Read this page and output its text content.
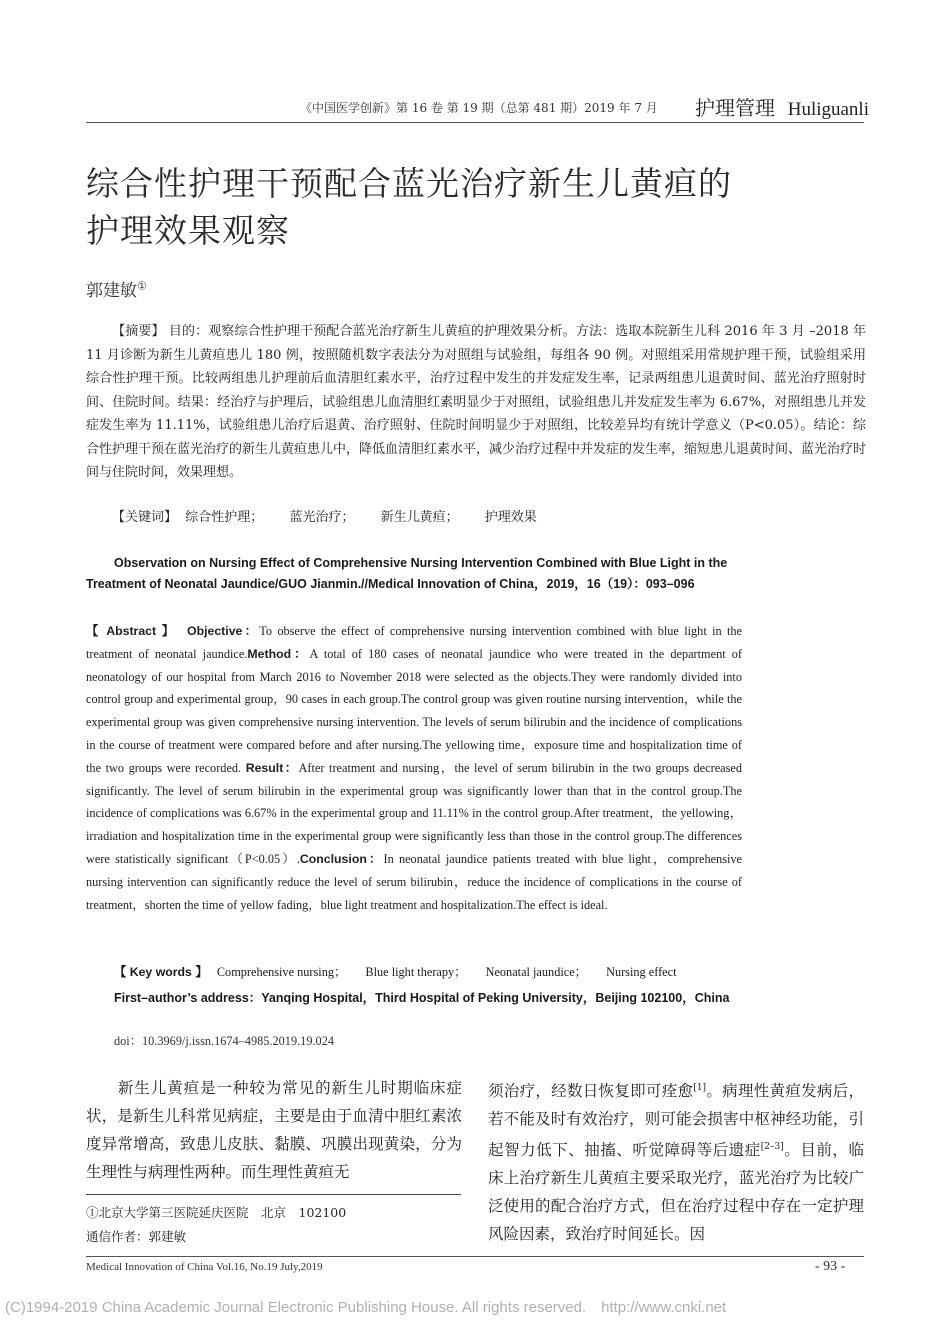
《中国医学创新》第 16 卷 第 19 期（总第 481 期）2019 年 7 月 护理管理 Huliguanli
综合性护理干预配合蓝光治疗新生儿黄疸的
护理效果观察
郭建敏①
【摘要】 目的：观察综合性护理干预配合蓝光治疗新生儿黄疸的护理效果分析。方法：选取本院新生儿科 2016 年 3 月 –2018 年 11 月诊断为新生儿黄疸患儿 180 例，按照随机数字表法分为对照组与试验组，每组各 90 例。对照组采用常规护理干预，试验组采用综合性护理干预。比较两组患儿护理前后血清胆红素水平，治疗过程中发生的并发症发生率，记录两组患儿退黄时间、蓝光治疗照射时间、住院时间。结果：经治疗与护理后，试验组患儿血清胆红素明显少于对照组，试验组患儿并发症发生率为 6.67%，对照组患儿并发症发生率为 11.11%，试验组患儿治疗后退黄、治疗照射、住院时间明显少于对照组，比较差异均有统计学意义（P<0.05）。结论：综合性护理干预在蓝光治疗的新生儿黄疸患儿中，降低血清胆红素水平，减少治疗过程中并发症的发生率，缩短患儿退黄时间、蓝光治疗时间与住院时间，效果理想。
【关键词】 综合性护理； 蓝光治疗； 新生儿黄疸； 护理效果
Observation on Nursing Effect of Comprehensive Nursing Intervention Combined with Blue Light in the Treatment of Neonatal Jaundice/GUO Jianmin.//Medical Innovation of China，2019，16（19）：093–096
【 Abstract 】 Objective：To observe the effect of comprehensive nursing intervention combined with blue light in the treatment of neonatal jaundice.Method：A total of 180 cases of neonatal jaundice who were treated in the department of neonatology of our hospital from March 2016 to November 2018 were selected as the objects.They were randomly divided into control group and experimental group，90 cases in each group.The control group was given routine nursing intervention，while the experimental group was given comprehensive nursing intervention. The levels of serum bilirubin and the incidence of complications in the course of treatment were compared before and after nursing.The yellowing time，exposure time and hospitalization time of the two groups were recorded. Result：After treatment and nursing，the level of serum bilirubin in the two groups decreased significantly. The level of serum bilirubin in the experimental group was significantly lower than that in the control group.The incidence of complications was 6.67% in the experimental group and 11.11% in the control group.After treatment，the yellowing，irradiation and hospitalization time in the experimental group were significantly less than those in the control group.The differences were statistically significant（P<0.05）.Conclusion：In neonatal jaundice patients treated with blue light，comprehensive nursing intervention can significantly reduce the level of serum bilirubin，reduce the incidence of complications in the course of treatment，shorten the time of yellow fading，blue light treatment and hospitalization.The effect is ideal.
【 Key words 】 Comprehensive nursing； Blue light therapy； Neonatal jaundice； Nursing effect
First–author’s address：Yanqing Hospital，Third Hospital of Peking University，Beijing 102100，China
doi：10.3969/j.issn.1674–4985.2019.19.024
新生儿黄疸是一种较为常见的新生儿时期临床症状，是新生儿科常见病症，主要是由于血清中胆红素浓度异常增高，致患儿皮肤、黏膜、巩膜出现黄染，分为生理性与病理性两种。而生理性黄疸无
须治疗，经数日恢复即可痊愈[1]。病理性黄疸发病后，若不能及时有效治疗，则可能会损害中枢神经功能，引起智力低下、抽搐、听觉障碍等后遗症[2–3]。目前，临床上治疗新生儿黄疸主要采取光疗，蓝光治疗为比较广泛使用的配合治疗方式，但在治疗过程中存在一定护理风险因素，致治疗时间延长。因
①北京大学第三医院延庆医院　北京　102100
通信作者：郭建敏
Medical Innovation of China Vol.16, No.19 July,2019	- 93 -
(C)1994-2019 China Academic Journal Electronic Publishing House. All rights reserved.　http://www.cnki.net
